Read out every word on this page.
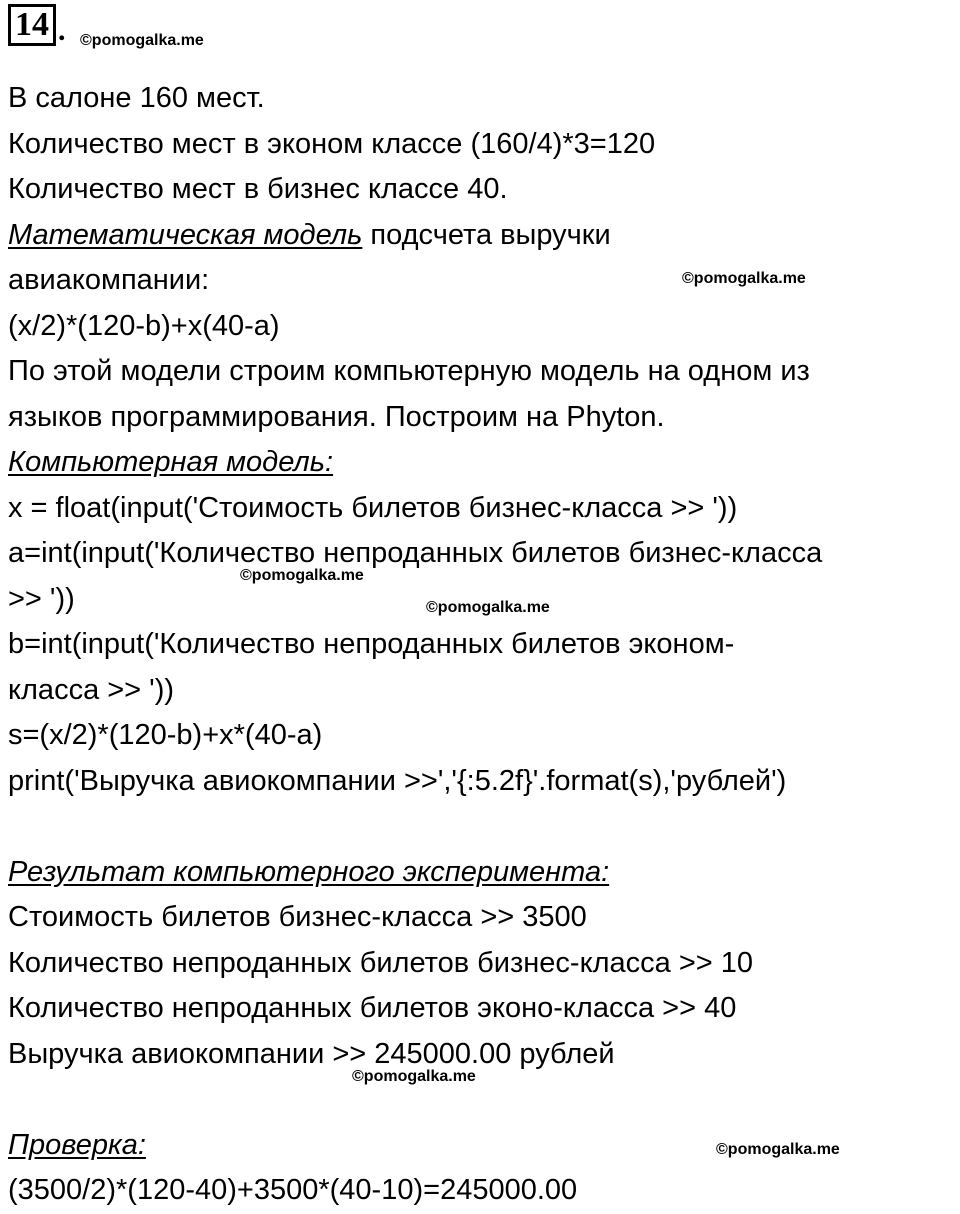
14 . ©pomogalka.me
©pomogalka.me
©pomogalka.me
©pomogalka.me
©pomogalka.me
©pomogalka.me
В салоне 160 мест.
Количество мест в эконом классе (160/4)*3=120
Количество мест в бизнес классе 40.
Математическая модель подсчета выручки
авиакомпании:
(x/2)*(120-b)+x(40-a)
По этой модели строим компьютерную модель на одном из
языков программирования. Построим на Phyton.
Компьютерная модель:
x = float(input('Стоимость билетов бизнес-класса >> '))
a=int(input('Количество непроданных билетов бизнес-класса
>> '))
b=int(input('Количество непроданных билетов эконом-
класса >> '))
s=(x/2)*(120-b)+x*(40-a)
print('Выручка авиокомпании >>','{:5.2f}'.format(s),'рублей')
Результат компьютерного эксперимента:
Стоимость билетов бизнес-класса >> 3500
Количество непроданных билетов бизнес-класса >> 10
Количество непроданных билетов эконо-класса >> 40
Выручка авиокомпании >> 245000.00 рублей
Проверка:
(3500/2)*(120-40)+3500*(40-10)=245000.00
